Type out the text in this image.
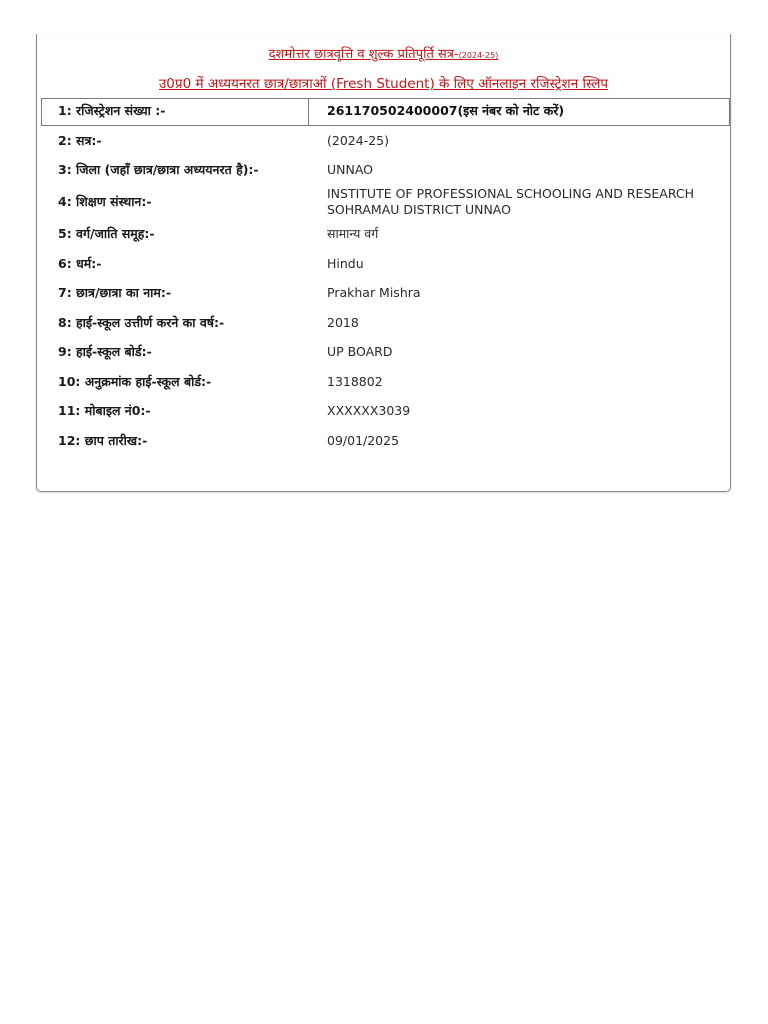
दशमोत्तर छात्रवृत्ति व शुल्क प्रतिपूर्ति सत्र-(2024-25)
उ0प्र0 में अध्ययनरत छात्र/छात्राओं (Fresh Student) के लिए ऑनलाइन रजिस्ट्रेशन स्लिप
1: रजिस्ट्रेशन संख्या :-	261170502400007(इस नंबर को नोट करें)
2: सत्र:-	(2024-25)
3: जिला (जहाँ छात्र/छात्रा अध्ययनरत है):-	UNNAO
4: शिक्षण संस्थान:-
INSTITUTE OF PROFESSIONAL SCHOOLING AND RESEARCH SOHRAMAU DISTRICT UNNAO
5: वर्ग/जाति समूह:-	सामान्य वर्ग
6: धर्म:-	Hindu
7: छात्र/छात्रा का नाम:-	Prakhar Mishra
8: हाई-स्कूल उत्तीर्ण करने का वर्ष:-	2018
9: हाई-स्कूल बोर्ड:-	UP BOARD
10: अनुक्रमांक हाई-स्कूल बोर्ड:-	1318802
11: मोबाइल नं0:-	XXXXXX3039
12: छाप तारीख:-	09/01/2025
